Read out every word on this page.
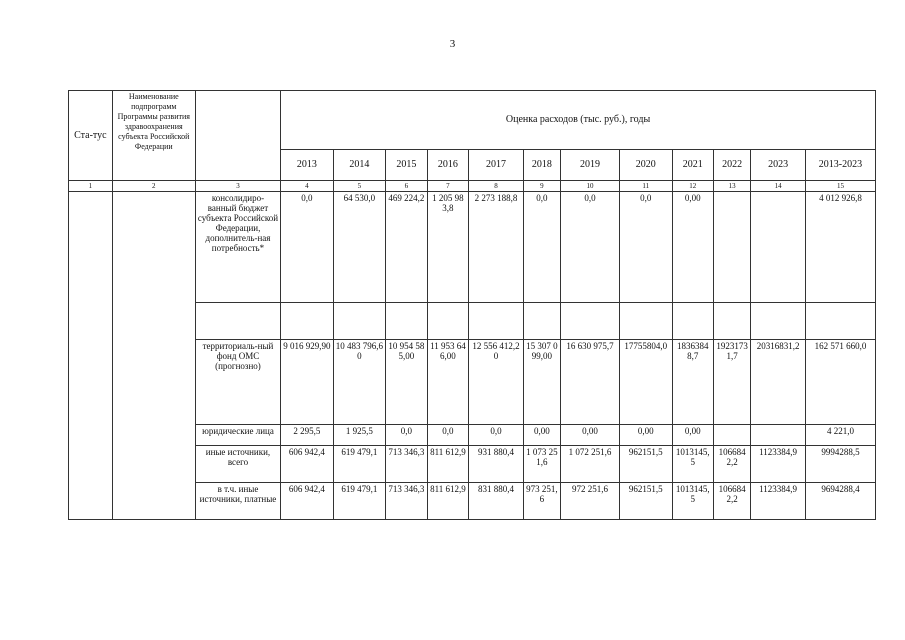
3
Ста-тус	Наименование подпрограмм Программы развития здравоохранения субъекта Российской Федерации		Оценка расходов (тыс. руб.), годы											
			2013	2014	2015	2016	2017	2018	2019	2020	2021	2022	2023	2013-2023
1	2	3	4	5	6	7	8	9	10	11	12	13	14	15
		консолидиро-ванный бюджет субъекта Российской Федерации, дополнитель-ная потребность*	0,0	64 530,0	469 224,2	1 205 983,8	2 273 188,8	0,0	0,0	0,0	0,00			4 012 926,8

		территориаль-ный фонд ОМС (прогнозно)	9 016 929,90	10 483 796,60	10 954 585,00	11 953 646,00	12 556 412,20	15 307 099,00	16 630 975,7	17755804,0	18363848,7	19231731,7	20316831,2	162 571 660,0
		юридические лица	2 295,5	1 925,5	0,0	0,0	0,0	0,00	0,00	0,00	0,00			4 221,0
		иные источники, всего	606 942,4	619 479,1	713 346,3	811 612,9	931 880,4	1 073 251,6	1 072 251,6	962151,5	1013145,5	1066842,2	1123384,9	9994288,5
		в т.ч. иные источники, платные	606 942,4	619 479,1	713 346,3	811 612,9	831 880,4	973 251,6	972 251,6	962151,5	1013145,5	1066842,2	1123384,9	9694288,4
